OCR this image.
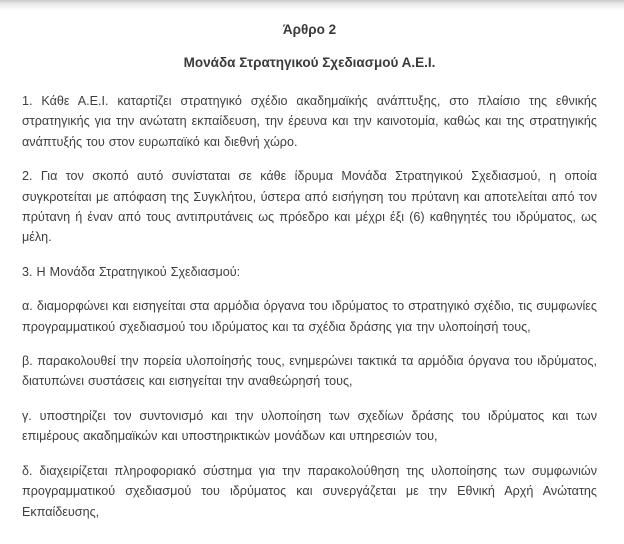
Άρθρο 2
Μονάδα Στρατηγικού Σχεδιασμού Α.Ε.Ι.

1. Κάθε Α.Ε.Ι. καταρτίζει στρατηγικό σχέδιο ακαδημαϊκής ανάπτυξης, στο πλαίσιο της εθνικής στρατηγικής για την ανώτατη εκπαίδευση, την έρευνα και την καινοτομία, καθώς και της στρατηγικής ανάπτυξής του στον ευρωπαϊκό και διεθνή χώρο.

2. Για τον σκοπό αυτό συνίσταται σε κάθε ίδρυμα Μονάδα Στρατηγικού Σχεδιασμού, η οποία συγκροτείται με απόφαση της Συγκλήτου, ύστερα από εισήγηση του πρύτανη και αποτελείται από τον πρύτανη ή έναν από τους αντιπρυτάνεις ως πρόεδρο και μέχρι έξι (6) καθηγητές του ιδρύματος, ως μέλη.

3. Η Μονάδα Στρατηγικού Σχεδιασμού:

α. διαμορφώνει και εισηγείται στα αρμόδια όργανα του ιδρύματος το στρατηγικό σχέδιο, τις συμφωνίες προγραμματικού σχεδιασμού του ιδρύματος και τα σχέδια δράσης για την υλοποίησή τους,

β. παρακολουθεί την πορεία υλοποίησής τους, ενημερώνει τακτικά τα αρμόδια όργανα του ιδρύματος, διατυπώνει συστάσεις και εισηγείται την αναθεώρησή τους,

γ. υποστηρίζει τον συντονισμό και την υλοποίηση των σχεδίων δράσης του ιδρύματος και των επιμέρους ακαδημαϊκών και υποστηρικτικών μονάδων και υπηρεσιών του,

δ. διαχειρίζεται πληροφοριακό σύστημα για την παρακολούθηση της υλοποίησης των συμφωνιών προγραμματικού σχεδιασμού του ιδρύματος και συνεργάζεται με την Εθνική Αρχή Ανώτατης Εκπαίδευσης,
